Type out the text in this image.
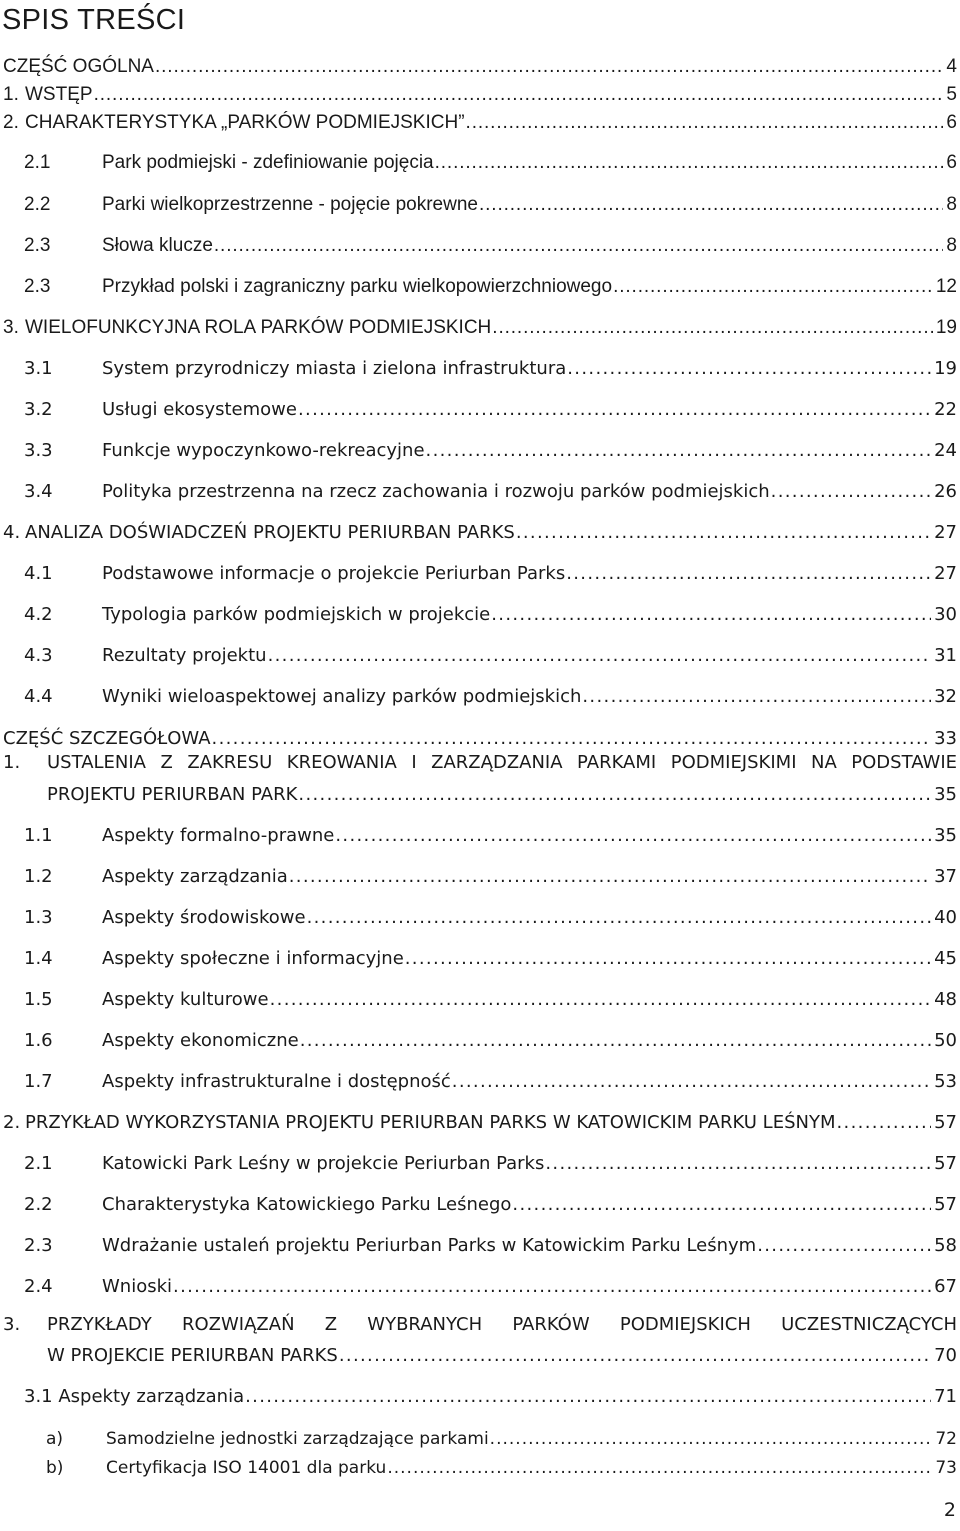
SPIS TREŚCI
CZĘŚĆ OGÓLNA . . .	4
1. WSTĘP . . .	5
2. CHARAKTERYSTYKA „PARKÓW PODMIEJSKICH” . . .	6
2.1	Park podmiejski - zdefiniowanie pojęcia . . .	6
2.2	Parki wielkoprzestrzenne - pojęcie pokrewne . . .	8
2.3	Słowa klucze . . .	8
2.3	Przykład polski i zagraniczny parku wielkopowierzchniowego . . .	12
3. WIELOFUNKCYJNA ROLA PARKÓW PODMIEJSKICH . . .	19
3.1	System przyrodniczy miasta i zielona infrastruktura . . .	19
3.2	Usługi ekosystemowe . . .	22
3.3	Funkcje wypoczynkowo-rekreacyjne . . .	24
3.4	Polityka przestrzenna na rzecz zachowania i rozwoju parków podmiejskich . . .	26
4. ANALIZA DOŚWIADCZEŃ PROJEKTU PERIURBAN PARKS . . .	27
4.1	Podstawowe informacje o projekcie Periurban Parks . . .	27
4.2	Typologia parków podmiejskich w projekcie . . .	30
4.3	Rezultaty projektu . . .	31
4.4	Wyniki wieloaspektowej analizy parków podmiejskich . . .	32
CZĘŚĆ SZCZEGÓŁOWA . . .	33
1.	USTALENIA Z ZAKRESU KREOWANIA I ZARZĄDZANIA PARKAMI PODMIEJSKIMI NA PODSTAWIE
PROJEKTU PERIURBAN PARK . . .	35
1.1	Aspekty formalno-prawne . . .	35
1.2	Aspekty zarządzania . . .	37
1.3	Aspekty środowiskowe . . .	40
1.4	Aspekty społeczne i informacyjne . . .	45
1.5	Aspekty kulturowe . . .	48
1.6	Aspekty ekonomiczne . . .	50
1.7	Aspekty infrastrukturalne i dostępność . . .	53
2. PRZYKŁAD WYKORZYSTANIA PROJEKTU PERIURBAN PARKS W KATOWICKIM PARKU LEŚNYM . . .	57
2.1	Katowicki Park Leśny w projekcie Periurban Parks . . .	57
2.2	Charakterystyka Katowickiego Parku Leśnego . . .	57
2.3	Wdrażanie ustaleń projektu Periurban Parks w Katowickim Parku Leśnym . . .	58
2.4	Wnioski . . .	67
3.	PRZYKŁADY ROZWIĄZAŃ Z WYBRANYCH PARKÓW PODMIEJSKICH UCZESTNICZĄCYCH
W PROJEKCIE PERIURBAN PARKS . . .	70
3.1 Aspekty zarządzania . . .	71
a)	Samodzielne jednostki zarządzające parkami . . .	72
b)	Certyfikacja ISO 14001 dla parku . . .	73
2
